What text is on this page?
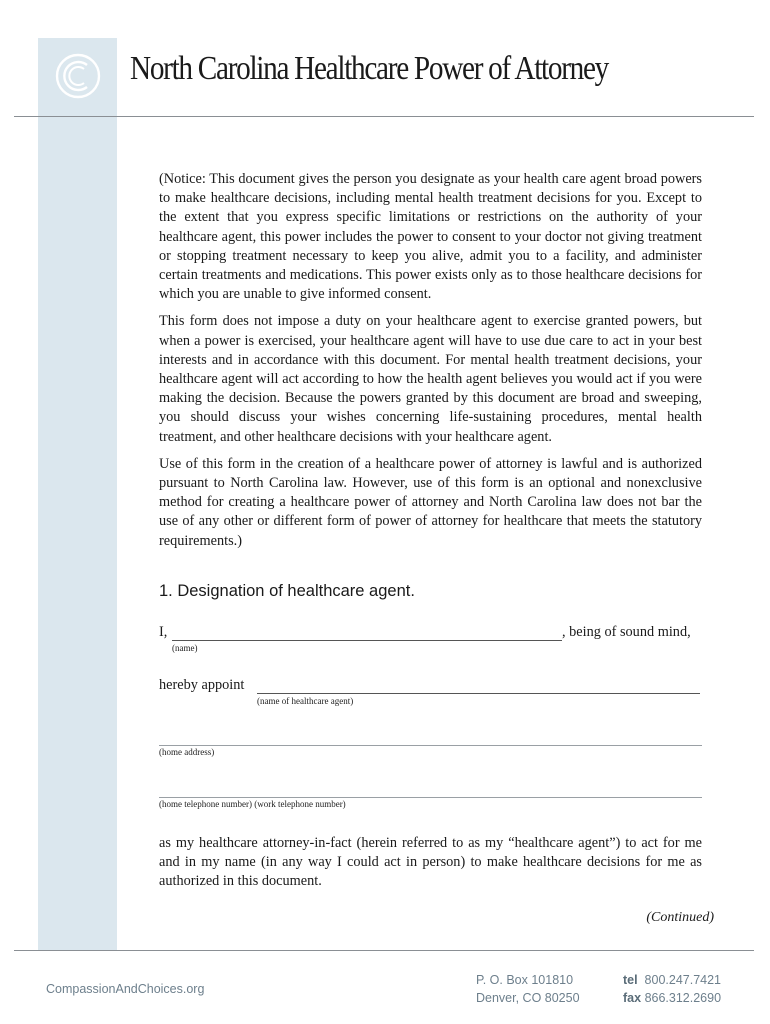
North Carolina Healthcare Power of Attorney

(Notice: This document gives the person you designate as your health care agent broad powers to make healthcare decisions, including mental health treatment decisions for you. Except to the extent that you express specific limitations or restrictions on the authority of your healthcare agent, this power includes the power to consent to your doctor not giving treatment or stopping treatment necessary to keep you alive, admit you to a facility, and administer certain treatments and medications. This power exists only as to those healthcare decisions for which you are unable to give informed consent.

This form does not impose a duty on your healthcare agent to exercise granted powers, but when a power is exercised, your healthcare agent will have to use due care to act in your best interests and in accordance with this document. For mental health treatment decisions, your healthcare agent will act according to how the health agent believes you would act if you were making the decision. Because the powers granted by this document are broad and sweeping, you should discuss your wishes concerning life-sustaining procedures, mental health treatment, and other healthcare decisions with your healthcare agent.

Use of this form in the creation of a healthcare power of attorney is lawful and is authorized pursuant to North Carolina law. However, use of this form is an optional and nonexclusive method for creating a healthcare power of attorney and North Carolina law does not bar the use of any other or different form of power of attorney for healthcare that meets the statutory requirements.)

1. Designation of healthcare agent.
I,	, being of sound mind,
(name)
hereby appoint
(name of healthcare agent)
(home address)
(home telephone number) (work telephone number)

as my healthcare attorney-in-fact (herein referred to as my “healthcare agent”) to act for me and in my name (in any way I could act in person) to make healthcare decisions for me as authorized in this document.

(Continued)
CompassionAndChoices.org
P. O. Box 101810
Denver, CO 80250
tel 800.247.7421
fax 866.312.2690
